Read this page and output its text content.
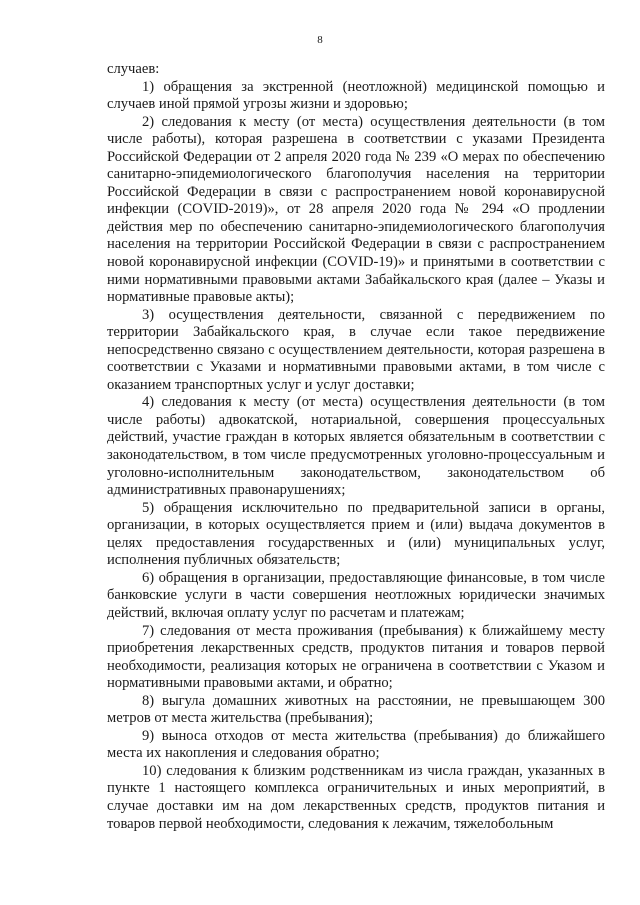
8

случаев:

1) обращения за экстренной (неотложной) медицинской помощью и случаев иной прямой угрозы жизни и здоровью;

2) следования к месту (от места) осуществления деятельности (в том числе работы), которая разрешена в соответствии с указами Президента Российской Федерации от 2 апреля 2020 года № 239 «О мерах по обеспечению санитарно-эпидемиологического благополучия населения на территории Российской Федерации в связи с распространением новой коронавирусной инфекции (COVID-2019)», от 28 апреля 2020 года № 294 «О продлении действия мер по обеспечению санитарно-эпидемиологического благополучия населения на территории Российской Федерации в связи с распространением новой коронавирусной инфекции (COVID-19)» и принятыми в соответствии с ними нормативными правовыми актами Забайкальского края (далее – Указы и нормативные правовые акты);

3) осуществления деятельности, связанной с передвижением по территории Забайкальского края, в случае если такое передвижение непосредственно связано с осуществлением деятельности, которая разрешена в соответствии с Указами и нормативными правовыми актами, в том числе с оказанием транспортных услуг и услуг доставки;

4) следования к месту (от места) осуществления деятельности (в том числе работы) адвокатской, нотариальной, совершения процессуальных действий, участие граждан в которых является обязательным в соответствии с законодательством, в том числе предусмотренных уголовно-процессуальным и уголовно-исполнительным законодательством, законодательством об административных правонарушениях;

5) обращения исключительно по предварительной записи в органы, организации, в которых осуществляется прием и (или) выдача документов в целях предоставления государственных и (или) муниципальных услуг, исполнения публичных обязательств;

6) обращения в организации, предоставляющие финансовые, в том числе банковские услуги в части совершения неотложных юридически значимых действий, включая оплату услуг по расчетам и платежам;

7) следования от места проживания (пребывания) к ближайшему месту приобретения лекарственных средств, продуктов питания и товаров первой необходимости, реализация которых не ограничена в соответствии с Указом и нормативными правовыми актами, и обратно;

8) выгула домашних животных на расстоянии, не превышающем 300 метров от места жительства (пребывания);

9) выноса отходов от места жительства (пребывания) до ближайшего места их накопления и следования обратно;

10) следования к близким родственникам из числа граждан, указанных в пункте 1 настоящего комплекса ограничительных и иных мероприятий, в случае доставки им на дом лекарственных средств, продуктов питания и товаров первой необходимости, следования к лежачим, тяжелобольным
